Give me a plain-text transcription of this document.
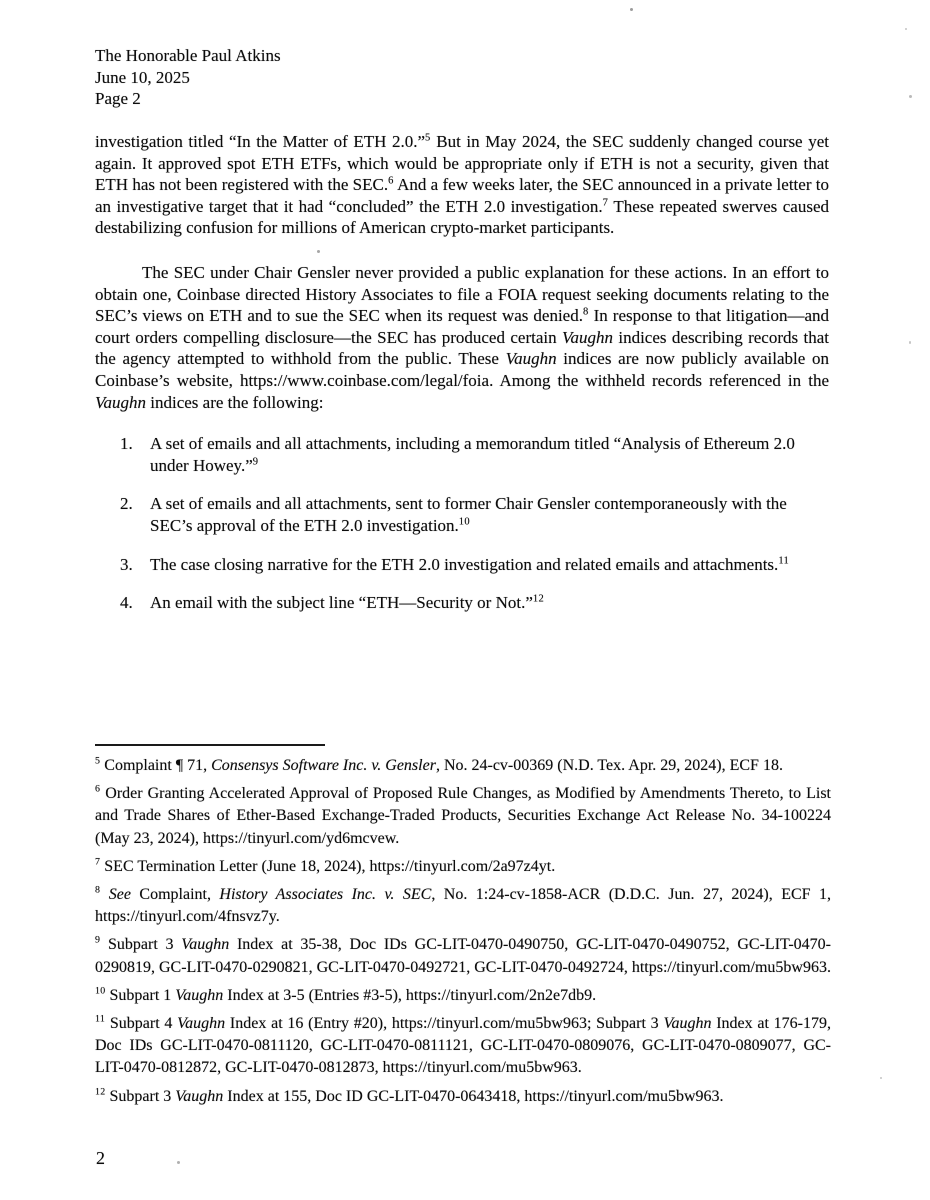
The Honorable Paul Atkins
June 10, 2025
Page 2

investigation titled “In the Matter of ETH 2.0.”$^5$ But in May 2024, the SEC suddenly changed course yet again. It approved spot ETH ETFs, which would be appropriate only if ETH is not a security, given that ETH has not been registered with the SEC.$^6$ And a few weeks later, the SEC announced in a private letter to an investigative target that it had “concluded” the ETH 2.0 investigation.$^7$ These repeated swerves caused destabilizing confusion for millions of American crypto-market participants.

The SEC under Chair Gensler never provided a public explanation for these actions. In an effort to obtain one, Coinbase directed History Associates to file a FOIA request seeking documents relating to the SEC’s views on ETH and to sue the SEC when its request was denied.$^8$ In response to that litigation—and court orders compelling disclosure—the SEC has produced certain Vaughn indices describing records that the agency attempted to withhold from the public. These Vaughn indices are now publicly available on Coinbase’s website, https://www.coinbase.com/legal/foia. Among the withheld records referenced in the Vaughn indices are the following:

1.	A set of emails and all attachments, including a memorandum titled “Analysis of Ethereum 2.0 under Howey.”$^9$
2.	A set of emails and all attachments, sent to former Chair Gensler contemporaneously with the SEC’s approval of the ETH 2.0 investigation.$^{10}$
3.	The case closing narrative for the ETH 2.0 investigation and related emails and attachments.$^{11}$
4.	An email with the subject line “ETH—Security or Not.”$^{12}$
$^5$ Complaint ¶ 71, Consensys Software Inc. v. Gensler, No. 24-cv-00369 (N.D. Tex. Apr. 29, 2024), ECF 18.
$^6$ Order Granting Accelerated Approval of Proposed Rule Changes, as Modified by Amendments Thereto, to List and Trade Shares of Ether-Based Exchange-Traded Products, Securities Exchange Act Release No. 34-100224 (May 23, 2024), https://tinyurl.com/yd6mcvew.
$^7$ SEC Termination Letter (June 18, 2024), https://tinyurl.com/2a97z4yt.
$^8$ See Complaint, History Associates Inc. v. SEC, No. 1:24-cv-1858-ACR (D.D.C. Jun. 27, 2024), ECF 1, https://tinyurl.com/4fnsvz7y.
$^9$ Subpart 3 Vaughn Index at 35-38, Doc IDs GC-LIT-0470-0490750, GC-LIT-0470-0490752, GC-LIT-0470-0290819, GC-LIT-0470-0290821, GC-LIT-0470-0492721, GC-LIT-0470-0492724, https://tinyurl.com/mu5bw963.
$^{10}$ Subpart 1 Vaughn Index at 3-5 (Entries #3-5), https://tinyurl.com/2n2e7db9.
$^{11}$ Subpart 4 Vaughn Index at 16 (Entry #20), https://tinyurl.com/mu5bw963; Subpart 3 Vaughn Index at 176-179, Doc IDs GC-LIT-0470-0811120, GC-LIT-0470-0811121, GC-LIT-0470-0809076, GC-LIT-0470-0809077, GC-LIT-0470-0812872, GC-LIT-0470-0812873, https://tinyurl.com/mu5bw963.
$^{12}$ Subpart 3 Vaughn Index at 155, Doc ID GC-LIT-0470-0643418, https://tinyurl.com/mu5bw963.
2
